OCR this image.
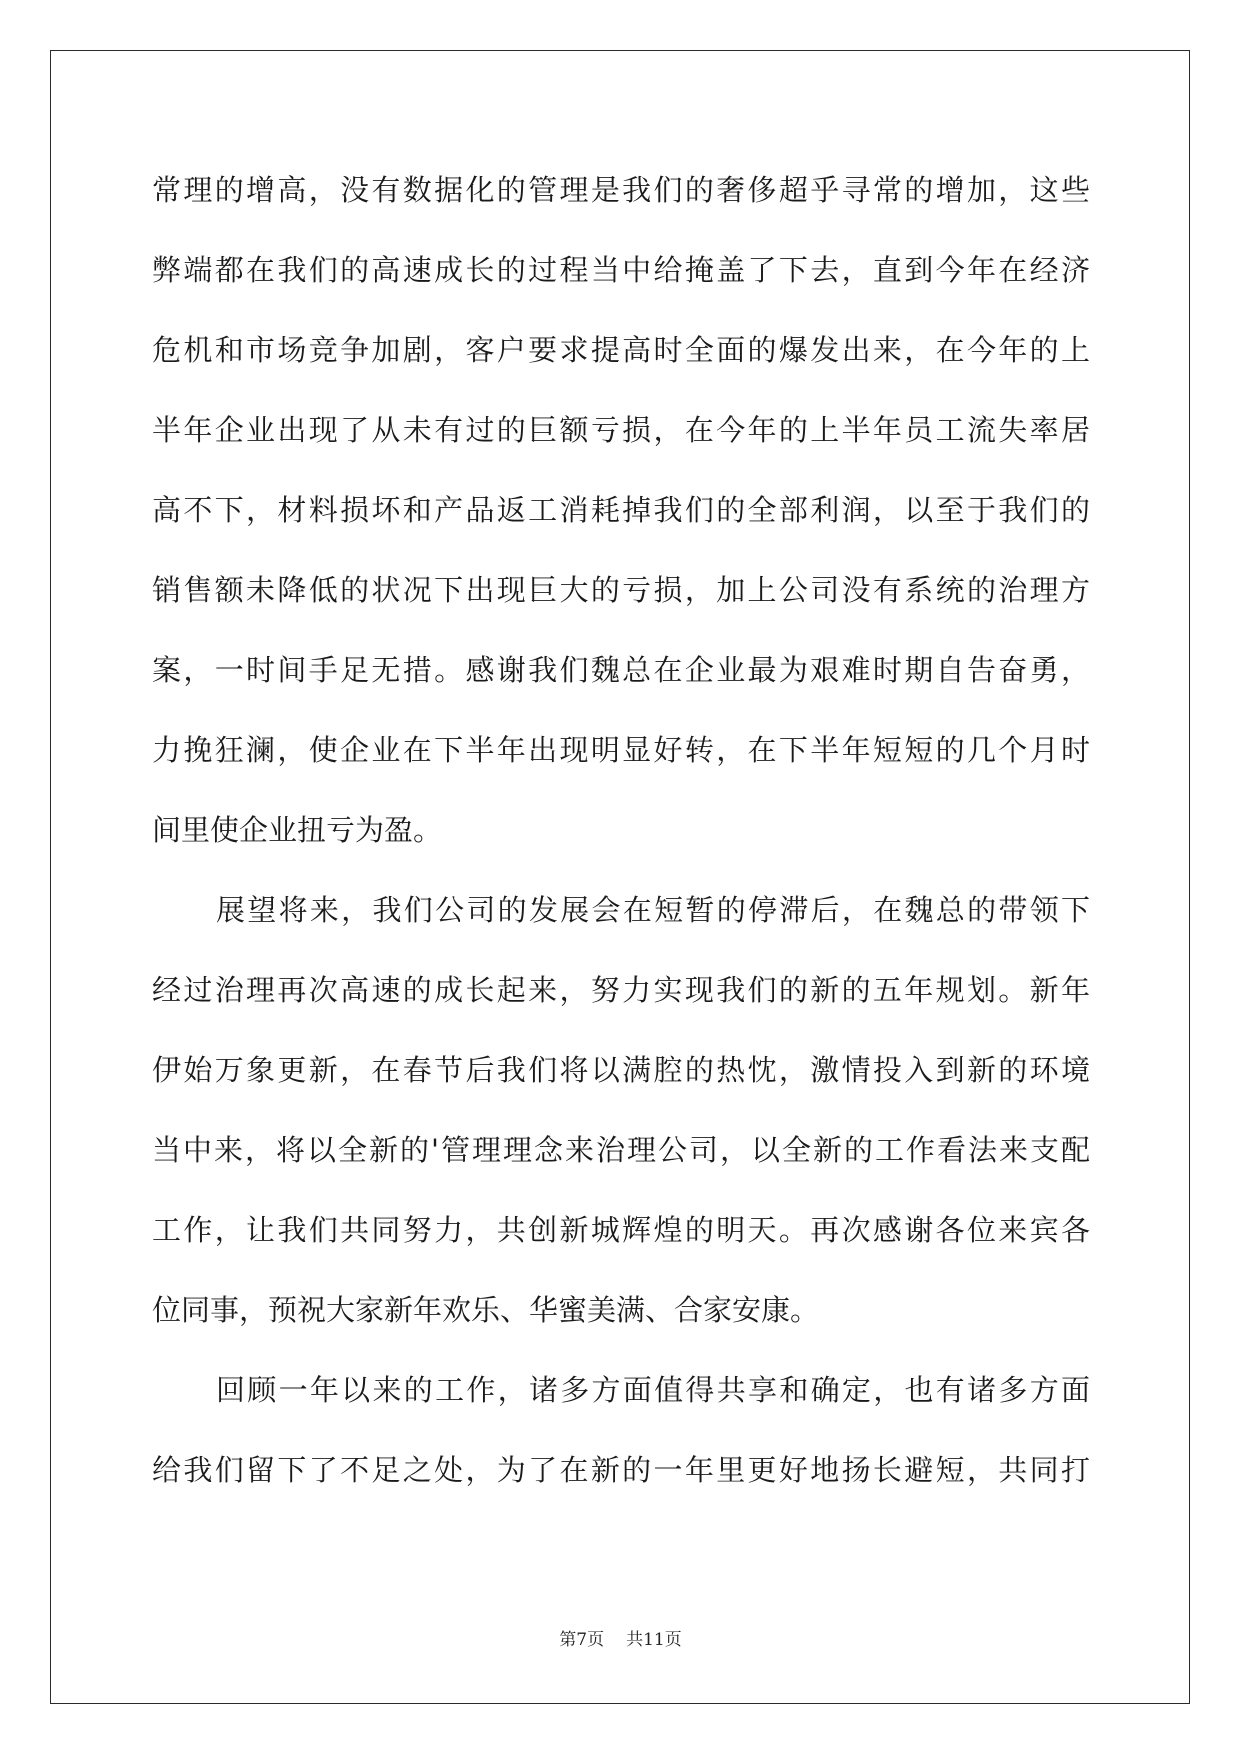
常理的增高，没有数据化的管理是我们的奢侈超乎寻常的增加，这些
弊端都在我们的高速成长的过程当中给掩盖了下去，直到今年在经济
危机和市场竞争加剧，客户要求提高时全面的爆发出来，在今年的上
半年企业出现了从未有过的巨额亏损，在今年的上半年员工流失率居
高不下，材料损坏和产品返工消耗掉我们的全部利润，以至于我们的
销售额未降低的状况下出现巨大的亏损，加上公司没有系统的治理方
案，一时间手足无措。感谢我们魏总在企业最为艰难时期自告奋勇，
力挽狂澜，使企业在下半年出现明显好转，在下半年短短的几个月时
间里使企业扭亏为盈。
展望将来，我们公司的发展会在短暂的停滞后，在魏总的带领下
经过治理再次高速的成长起来，努力实现我们的新的五年规划。新年
伊始万象更新，在春节后我们将以满腔的热忱，激情投入到新的环境
当中来，将以全新的'管理理念来治理公司，以全新的工作看法来支配
工作，让我们共同努力，共创新城辉煌的明天。再次感谢各位来宾各
位同事，预祝大家新年欢乐、华蜜美满、合家安康。
回顾一年以来的工作，诸多方面值得共享和确定，也有诸多方面
给我们留下了不足之处，为了在新的一年里更好地扬长避短，共同打
第7页 共11页
